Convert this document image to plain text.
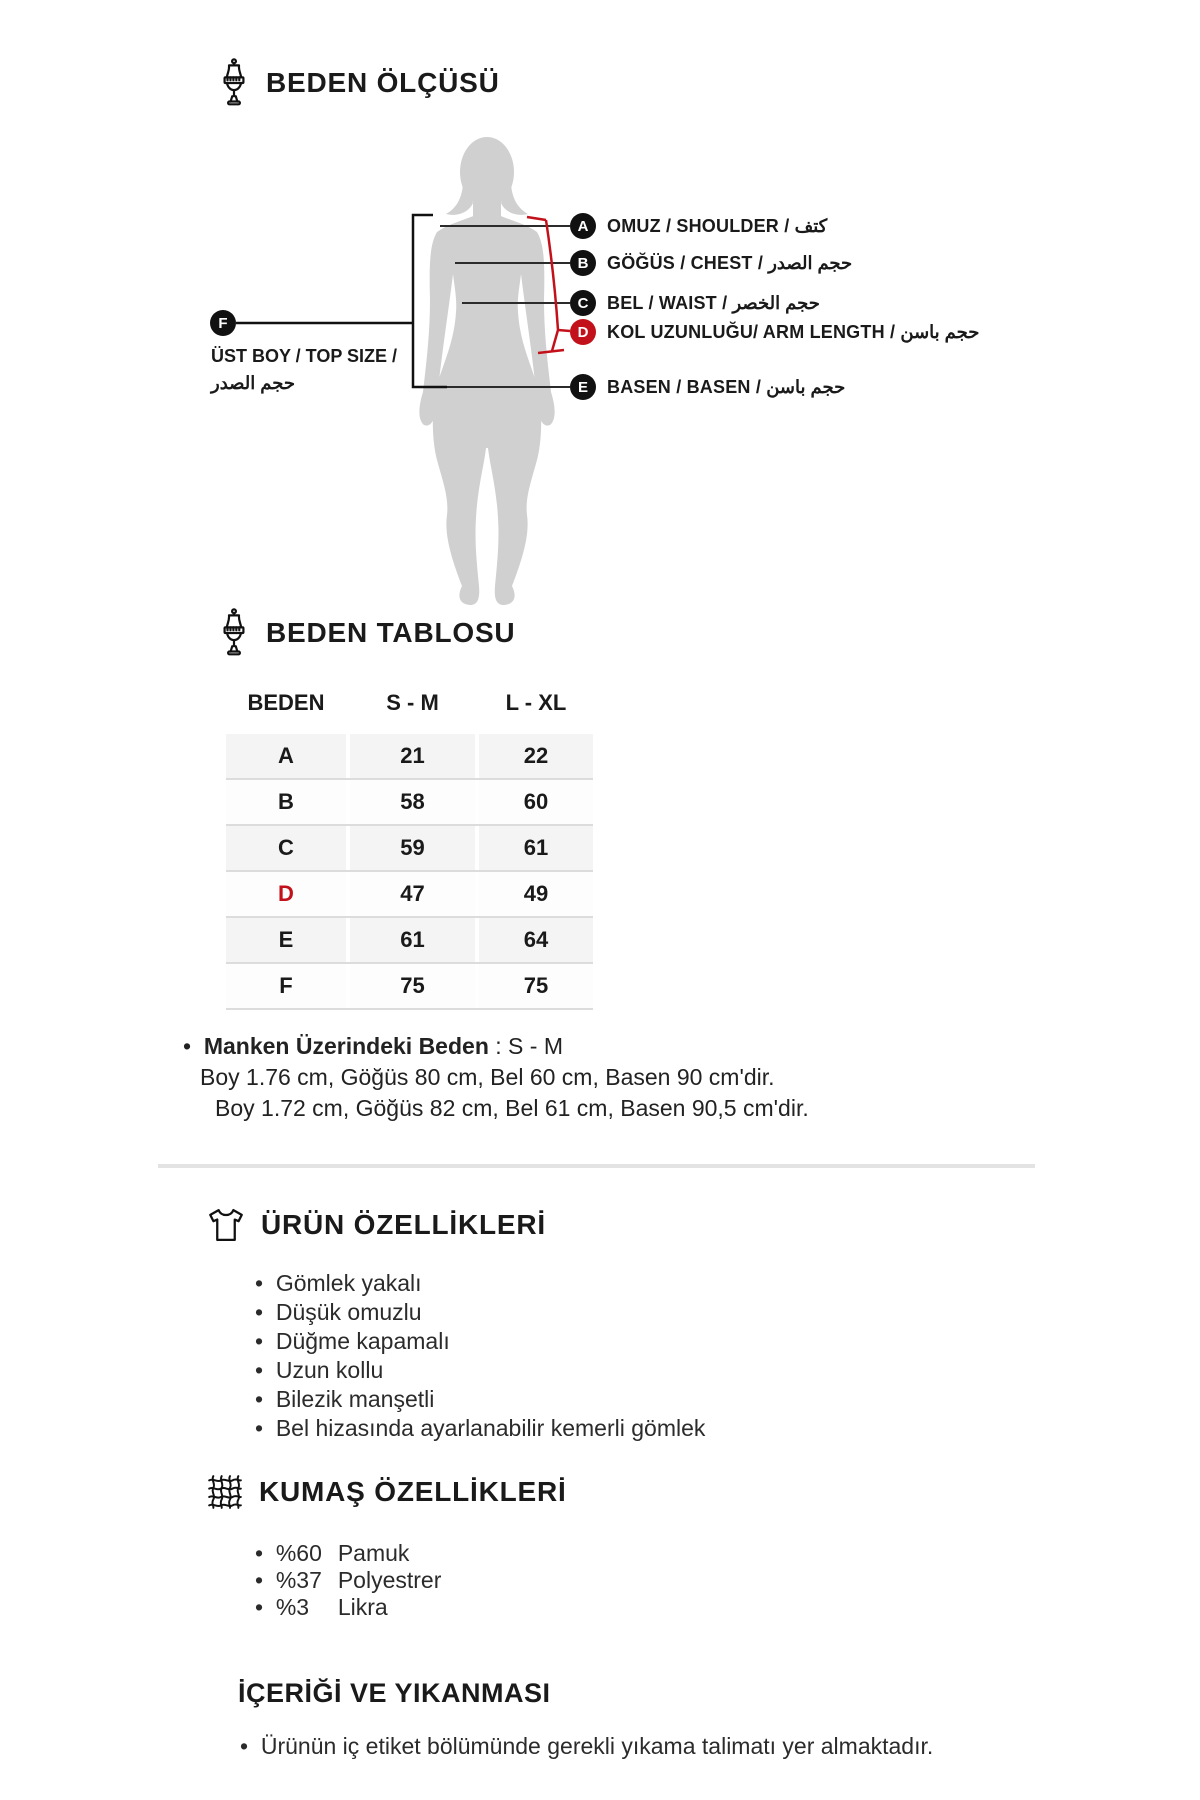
BEDEN ÖLÇÜSÜ
A	OMUZ / SHOULDER / كتف
B	GÖĞÜS / CHEST / حجم الصدر
C	BEL / WAIST / حجم الخصر
D	KOL UZUNLUĞU/ ARM LENGTH / حجم باسن
E	BASEN / BASEN / حجم باسن
F
ÜST BOY / TOP SIZE /
حجم الصدر
BEDEN TABLOSU
BEDEN	S - M	L - XL
A	21	22
B	58	60
C	59	61
D	47	49
E	61	64
F	75	75
•  Manken Üzerindeki Beden : S - M
Boy 1.76 cm, Göğüs 80 cm, Bel 60 cm, Basen 90 cm'dir.
Boy 1.72 cm, Göğüs 82 cm, Bel 61 cm, Basen 90,5 cm'dir.
ÜRÜN ÖZELLİKLERİ
•  Gömlek yakalı
•  Düşük omuzlu
•  Düğme kapamalı
•  Uzun kollu
•  Bilezik manşetli
•  Bel hizasında ayarlanabilir kemerli gömlek
KUMAŞ ÖZELLİKLERİ
•  %60 Pamuk
•  %37 Polyestrer
•  %3	Likra
İÇERİĞİ VE YIKANMASI
•  Ürünün iç etiket bölümünde gerekli yıkama talimatı yer almaktadır.
